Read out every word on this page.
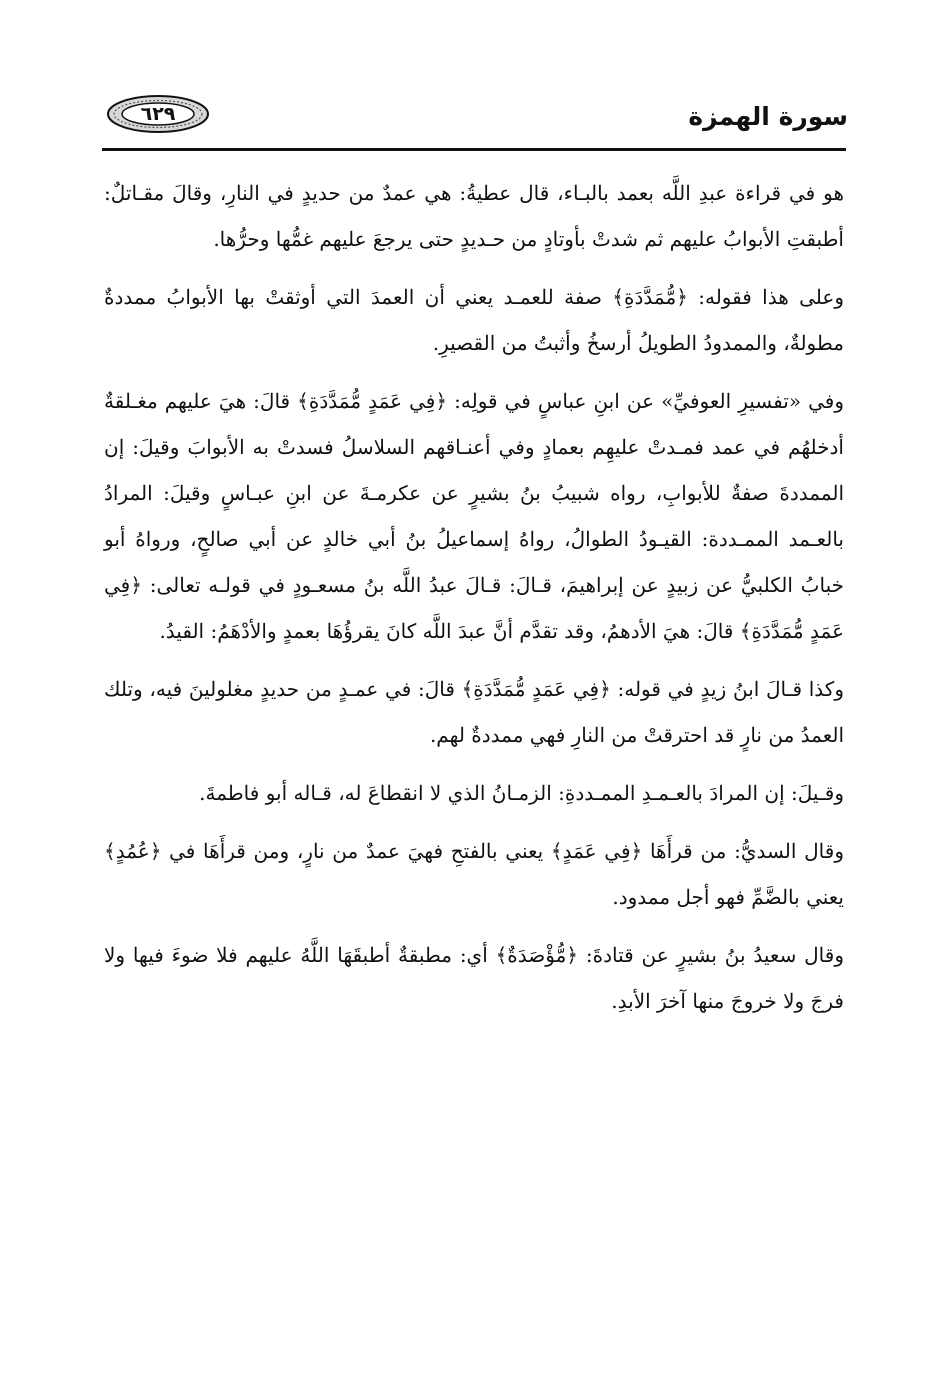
سورة الهمزة
٦٢٩

هو في قراءة عبدِ اللَّه بعمد بالبـاء، قال عطيةُ: هي عمدٌ من حديدٍ في النارِ، وقالَ مقـاتلٌ: أطبقتِ الأبوابُ عليهم ثم شدتْ بأوتادٍ من حـديدٍ حتى يرجعَ عليهم غمُّها وحرُّها.

وعلى هذا فقوله: ﴿مُّمَدَّدَةِ﴾ صفة للعمـد يعني أن العمدَ التي أوثقتْ بها الأبوابُ ممددةٌ مطولةٌ، والممدودُ الطويلُ أرسخُ وأثبتُ من القصيرِ.

وفي «تفسيرِ العوفيِّ» عن ابنِ عباسٍ في قولِه: ﴿فِي عَمَدٍ مُّمَدَّدَةِ﴾ قالَ: هيَ عليهم مغـلقةٌ أدخلهُم في عمد فمـدتْ عليهِم بعمادٍ وفي أعنـاقهم السلاسلُ فسدتْ به الأبوابَ وقيلَ: إن الممددةَ صفةٌ للأبوابِ، رواه شبيبُ بنُ بشيرٍ عن عكرمـةَ عن ابنِ عبـاسٍ وقيلَ: المرادُ بالعـمد الممـددة: القيـودُ الطوالُ، رواهُ إسماعيلُ بنُ أبي خالدٍ عن أبي صالحٍ، ورواهُ أبو خبابُ الكلبيُّ عن زبيدٍ عن إبراهيمَ، قـالَ: قـالَ عبدُ اللَّه بنُ مسعـودٍ في قولـه تعالى: ﴿فِي عَمَدٍ مُّمَدَّدَةِ﴾ قالَ: هيَ الأدهمُ، وقد تقدَّم أنَّ عبدَ اللَّه كانَ يقرؤُهَا بعمدٍ والأدْهَمُ: القيدُ.

وكذا قـالَ ابنُ زيدٍ في قوله: ﴿فِي عَمَدٍ مُّمَدَّدَةِ﴾ قالَ: في عمـدٍ من حديدٍ مغلولينَ فيه، وتلك العمدُ من نارٍ قد احترقتْ من النارِ فهي ممددةٌ لهم.

وقـيلَ: إن المرادَ بالعـمـدِ الممـددةِ: الزمـانُ الذي لا انقطاعَ له، قـاله أبو فاطمةَ.

وقال السديُّ: من قرأَهَا ﴿فِي عَمَدٍ﴾ يعني بالفتحِ فهيَ عمدٌ من نارٍ، ومن قرأَهَا في ﴿عُمُدٍ﴾ يعني بالضَّمِّ فهو أجل ممدود.

وقال سعيدُ بنُ بشيرٍ عن قتادةَ: ﴿مُّؤْصَدَةٌ﴾ أي: مطبقةٌ أطبقَهَا اللَّهُ عليهم فلا ضوءَ فيها ولا فرجَ ولا خروجَ منها آخرَ الأبدِ.
